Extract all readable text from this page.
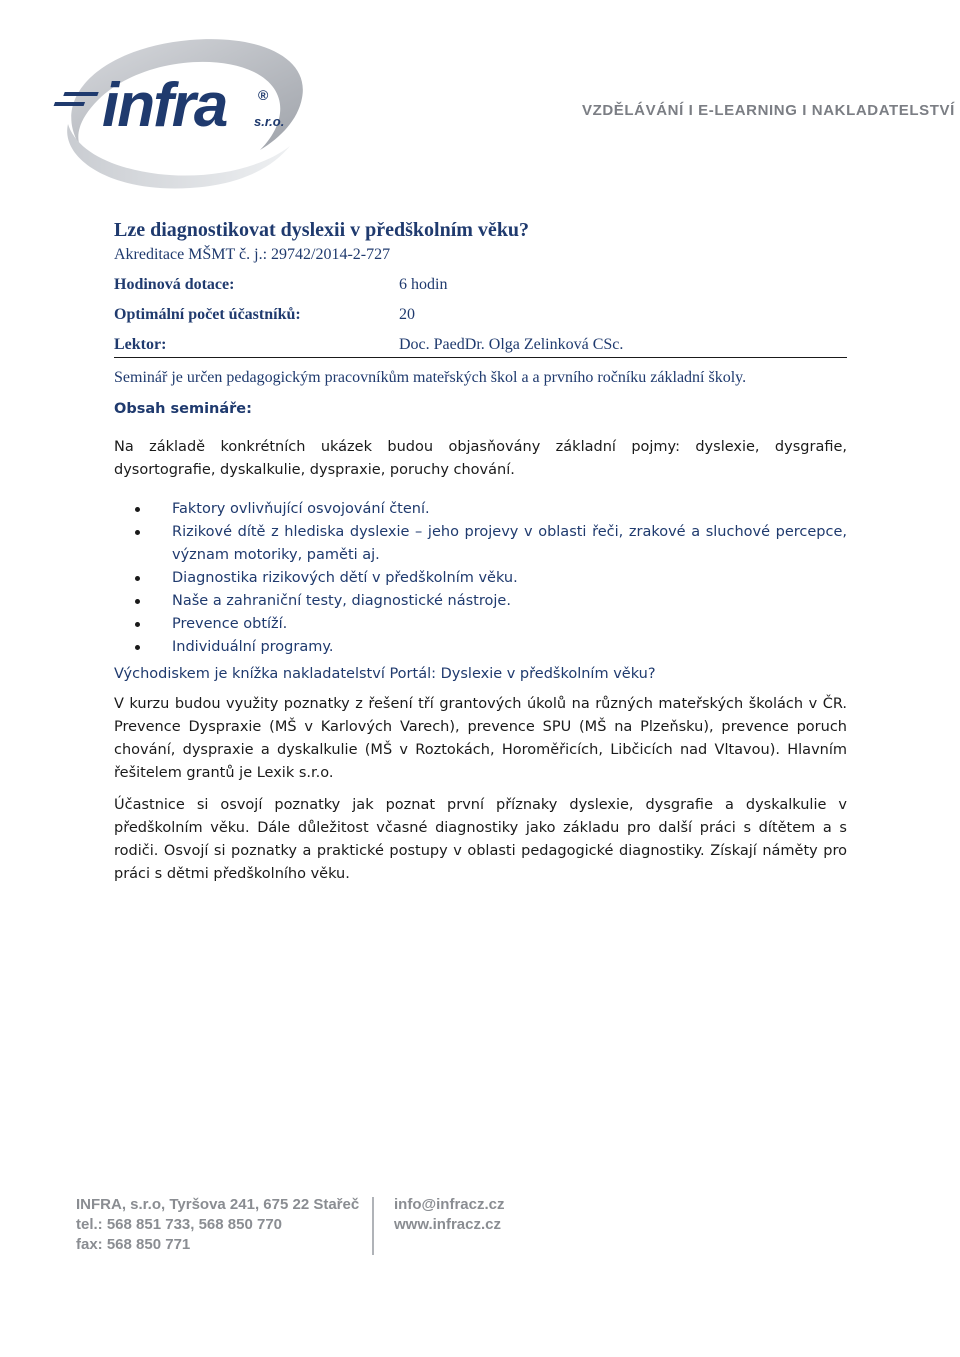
infra ®
s.r.o.
VZDĚLÁVÁNÍ I E-LEARNING I NAKLADATELSTVÍ
Lze diagnostikovat dyslexii v předškolním věku?
Akreditace MŠMT č. j.: 29742/2014-2-727
Hodinová dotace:	6 hodin
Optimální počet účastníků:	20
Lektor:	Doc. PaedDr. Olga Zelinková CSc.
Seminář je určen pedagogickým pracovníkům mateřských škol a a prvního ročníku základní školy.
Obsah semináře:
Na základě konkrétních ukázek budou objasňovány základní pojmy: dyslexie, dysgrafie, dysortografie, dyskalkulie, dyspraxie, poruchy chování.
Faktory ovlivňující osvojování čtení.
Rizikové dítě z hlediska dyslexie – jeho projevy v oblasti řeči, zrakové a sluchové percepce, význam motoriky, paměti aj.
Diagnostika rizikových dětí v předškolním věku.
Naše a zahraniční testy, diagnostické nástroje.
Prevence obtíží.
Individuální programy.
Východiskem je knížka nakladatelství Portál: Dyslexie v předškolním věku?
V kurzu budou využity poznatky z řešení tří grantových úkolů na různých mateřských školách v ČR. Prevence Dyspraxie (MŠ v Karlových Varech), prevence SPU (MŠ na Plzeňsku), prevence poruch chování, dyspraxie a dyskalkulie (MŠ v Roztokách, Horoměřicích, Libčicích nad Vltavou). Hlavním řešitelem grantů je Lexik s.r.o.
Účastnice si osvojí poznatky jak poznat první příznaky dyslexie, dysgrafie a dyskalkulie v předškolním věku. Dále důležitost včasné diagnostiky jako základu pro další práci s dítětem a s rodiči. Osvojí si poznatky a praktické postupy v oblasti pedagogické diagnostiky. Získají náměty pro práci s dětmi předškolního věku.
INFRA, s.r.o, Tyršova 241, 675 22 Stařeč
tel.: 568 851 733, 568 850 770
fax: 568 850 771
info@infracz.cz
www.infracz.cz
